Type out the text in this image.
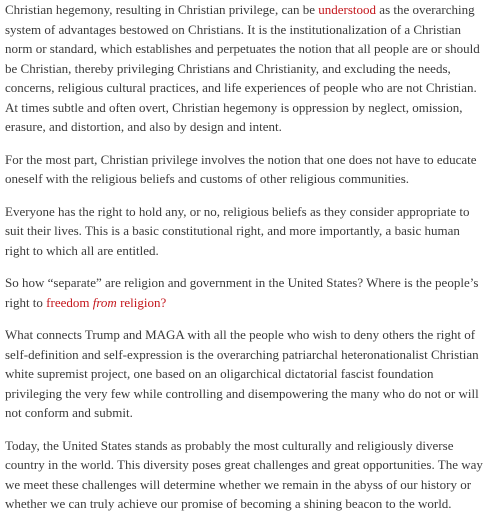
Christian hegemony, resulting in Christian privilege, can be understood as the overarching system of advantages bestowed on Christians. It is the institutionalization of a Christian norm or standard, which establishes and perpetuates the notion that all people are or should be Christian, thereby privileging Christians and Christianity, and excluding the needs, concerns, religious cultural practices, and life experiences of people who are not Christian. At times subtle and often overt, Christian hegemony is oppression by neglect, omission, erasure, and distortion, and also by design and intent.

For the most part, Christian privilege involves the notion that one does not have to educate oneself with the religious beliefs and customs of other religious communities.

Everyone has the right to hold any, or no, religious beliefs as they consider appropriate to suit their lives. This is a basic constitutional right, and more importantly, a basic human right to which all are entitled.

So how “separate” are religion and government in the United States? Where is the people’s right to freedom from religion?

What connects Trump and MAGA with all the people who wish to deny others the right of self-definition and self-expression is the overarching patriarchal heteronationalist Christian white supremist project, one based on an oligarchical dictatorial fascist foundation privileging the very few while controlling and disempowering the many who do not or will not conform and submit.

Today, the United States stands as probably the most culturally and religiously diverse country in the world. This diversity poses great challenges and great opportunities. The way we meet these challenges will determine whether we remain in the abyss of our history or whether we can truly achieve our promise of becoming a shining beacon to the world.
